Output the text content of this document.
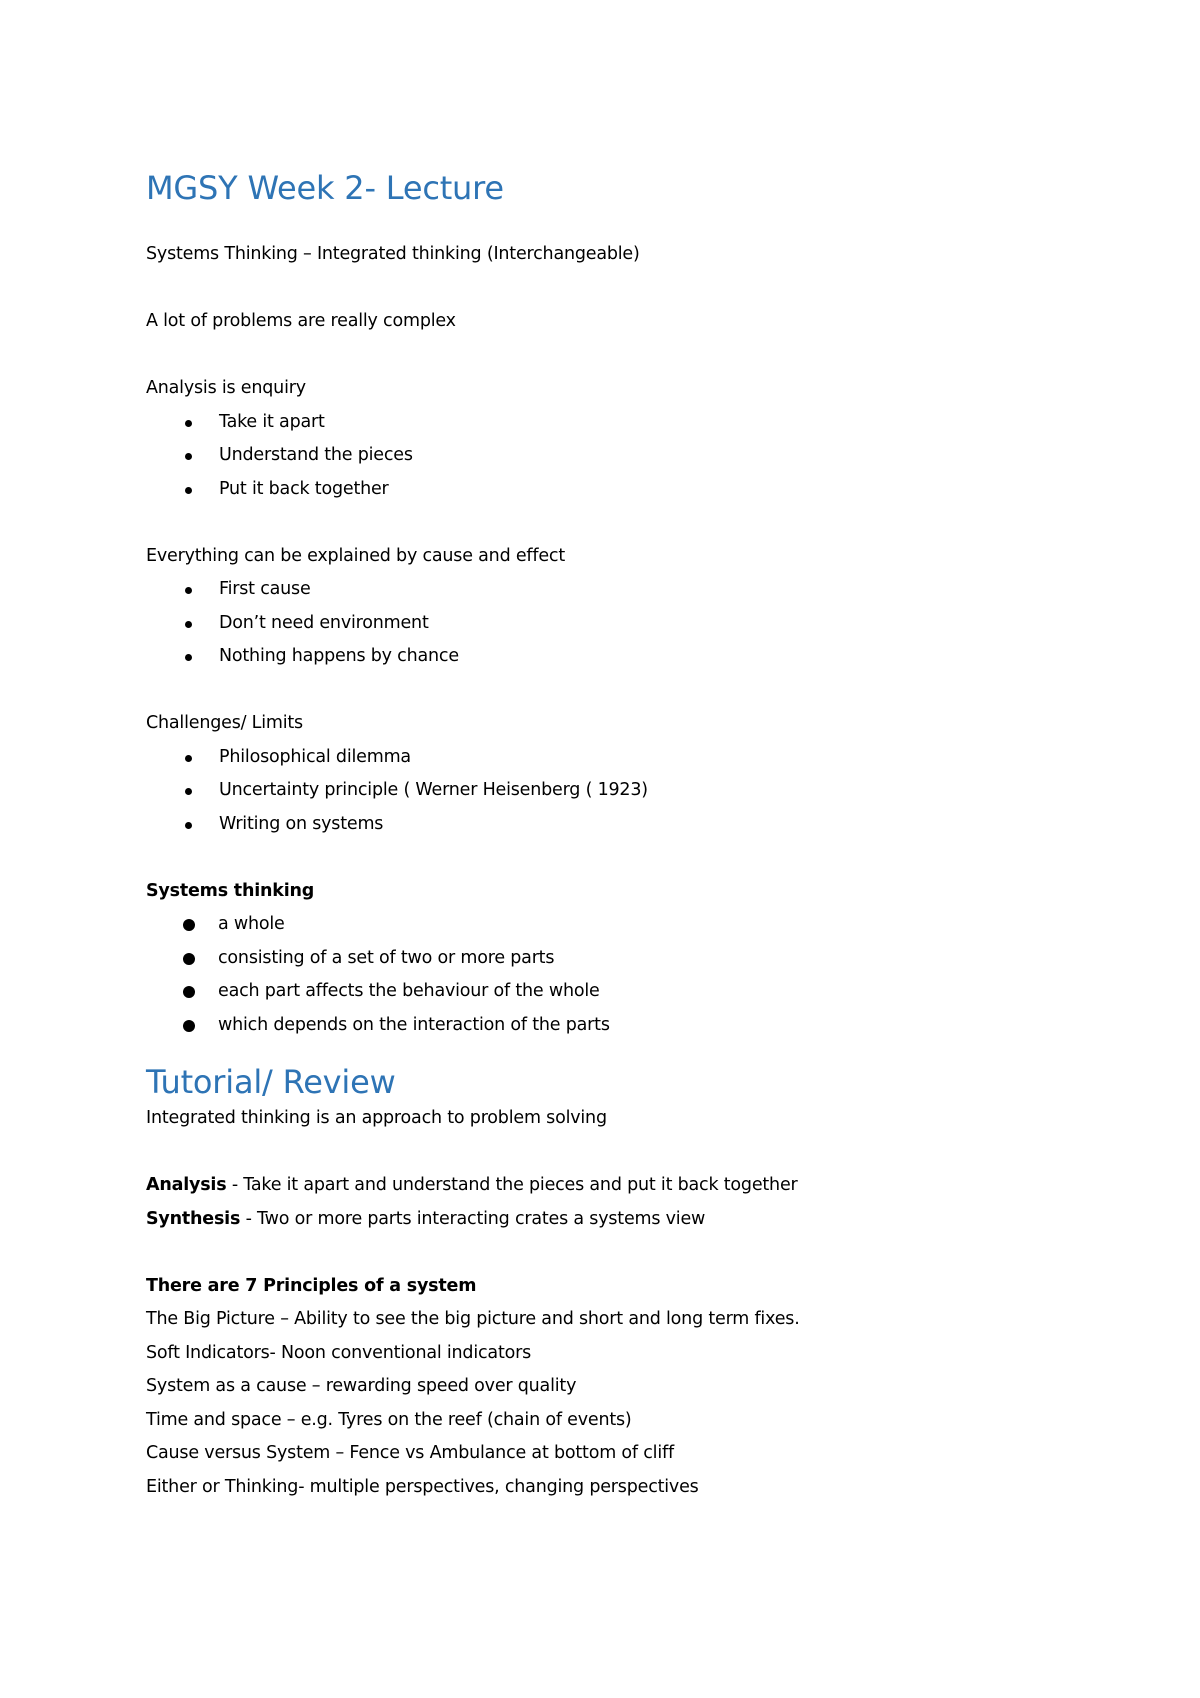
MGSY Week 2- Lecture
Systems Thinking – Integrated thinking (Interchangeable)
A lot of problems are really complex
Analysis is enquiry
Take it apart
Understand the pieces
Put it back together
Everything can be explained by cause and effect
First cause
Don’t need environment
Nothing happens by chance
Challenges/ Limits
Philosophical dilemma
Uncertainty principle ( Werner Heisenberg ( 1923)
Writing on systems
Systems thinking
a whole
consisting of a set of two or more parts
each part affects the behaviour of the whole
which depends on the interaction of the parts
Tutorial/ Review
Integrated thinking is an approach to problem solving
Analysis - Take it apart and understand the pieces and put it back together
Synthesis - Two or more parts interacting crates a systems view
There are 7 Principles of a system
The Big Picture – Ability to see the big picture and short and long term fixes.
Soft Indicators- Noon conventional indicators
System as a cause – rewarding speed over quality
Time and space – e.g. Tyres on the reef (chain of events)
Cause versus System – Fence vs Ambulance at bottom of cliff
Either or Thinking- multiple perspectives, changing perspectives
